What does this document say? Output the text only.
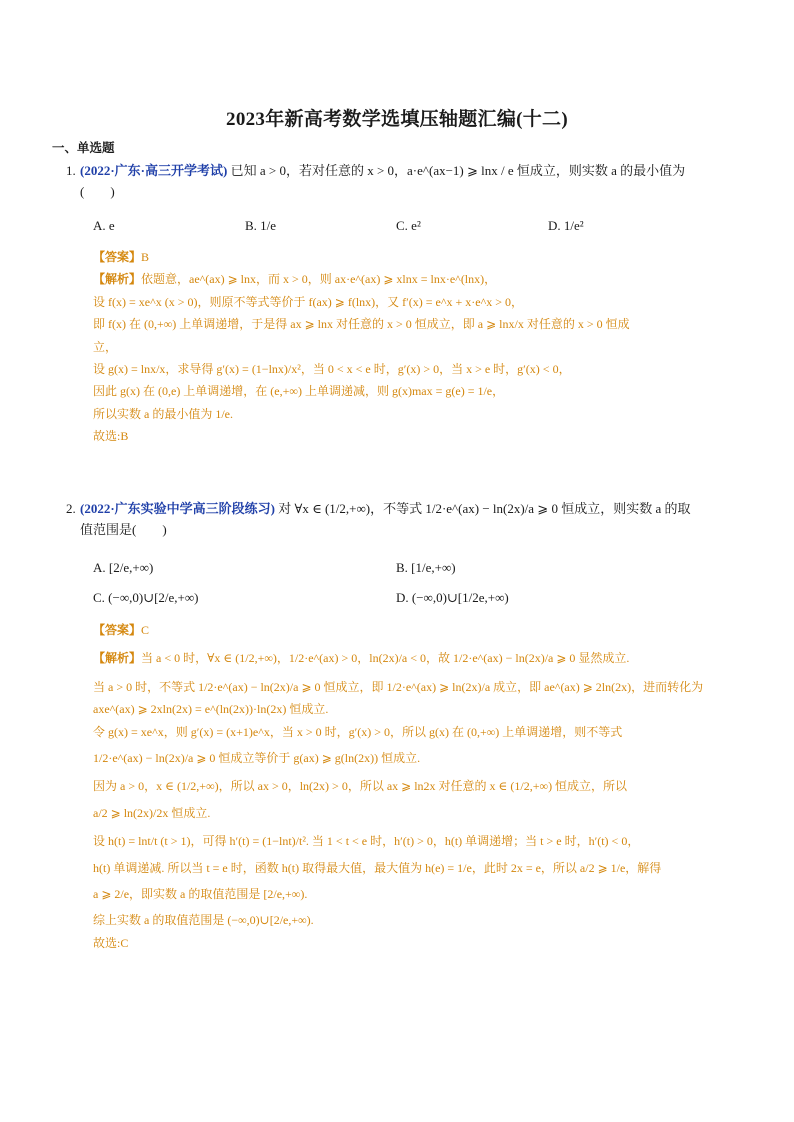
2023年新高考数学选填压轴题汇编(十二)
一、单选题
1. (2022·广东·高三开学考试) 已知 a > 0，若对任意的 x > 0，a·e^(ax−1) ⩾ lnx / e 恒成立，则实数 a 的最小值为
(　　)
A. e	B. 1/e	C. e²	D. 1/e²

【答案】B

【解析】依题意，ae^(ax) ⩾ lnx，而 x > 0，则 ax·e^(ax) ⩾ xlnx = lnx·e^(lnx)，

设 f(x) = xe^x (x > 0)，则原不等式等价于 f(ax) ⩾ f(lnx)，又 f′(x) = e^x + x·e^x > 0，

即 f(x) 在 (0,+∞) 上单调递增，于是得 ax ⩾ lnx 对任意的 x > 0 恒成立，即 a ⩾ lnx/x 对任意的 x > 0 恒成

立，

设 g(x) = lnx/x，求导得 g′(x) = (1−lnx)/x²，当 0 < x < e 时，g′(x) > 0，当 x > e 时，g′(x) < 0，

因此 g(x) 在 (0,e) 上单调递增，在 (e,+∞) 上单调递减，则 g(x)max = g(e) = 1/e，

所以实数 a 的最小值为 1/e.

故选:B

2. (2022·广东实验中学高三阶段练习) 对 ∀x ∈ (1/2,+∞)，不等式 1/2·e^(ax) − ln(2x)/a ⩾ 0 恒成立，则实数 a 的取
值范围是(　　)
A. [2/e,+∞)	B. [1/e,+∞)
C. (−∞,0)∪[2/e,+∞)	D. (−∞,0)∪[1/2e,+∞)

【答案】C

【解析】当 a < 0 时，∀x ∈ (1/2,+∞)，1/2·e^(ax) > 0，ln(2x)/a < 0，故 1/2·e^(ax) − ln(2x)/a ⩾ 0 显然成立.

当 a > 0 时，不等式 1/2·e^(ax) − ln(2x)/a ⩾ 0 恒成立，即 1/2·e^(ax) ⩾ ln(2x)/a 成立，即 ae^(ax) ⩾ 2ln(2x)，进而转化为

axe^(ax) ⩾ 2xln(2x) = e^(ln(2x))·ln(2x) 恒成立.

令 g(x) = xe^x，则 g′(x) = (x+1)e^x，当 x > 0 时，g′(x) > 0，所以 g(x) 在 (0,+∞) 上单调递增，则不等式

1/2·e^(ax) − ln(2x)/a ⩾ 0 恒成立等价于 g(ax) ⩾ g(ln(2x)) 恒成立.

因为 a > 0，x ∈ (1/2,+∞)，所以 ax > 0，ln(2x) > 0，所以 ax ⩾ ln2x 对任意的 x ∈ (1/2,+∞) 恒成立，所以

a/2 ⩾ ln(2x)/2x 恒成立.

设 h(t) = lnt/t (t > 1)，可得 h′(t) = (1−lnt)/t². 当 1 < t < e 时，h′(t) > 0，h(t) 单调递增；当 t > e 时，h′(t) < 0，

h(t) 单调递减. 所以当 t = e 时，函数 h(t) 取得最大值，最大值为 h(e) = 1/e，此时 2x = e，所以 a/2 ⩾ 1/e，解得

a ⩾ 2/e，即实数 a 的取值范围是 [2/e,+∞).

综上实数 a 的取值范围是 (−∞,0)∪[2/e,+∞).

故选:C
